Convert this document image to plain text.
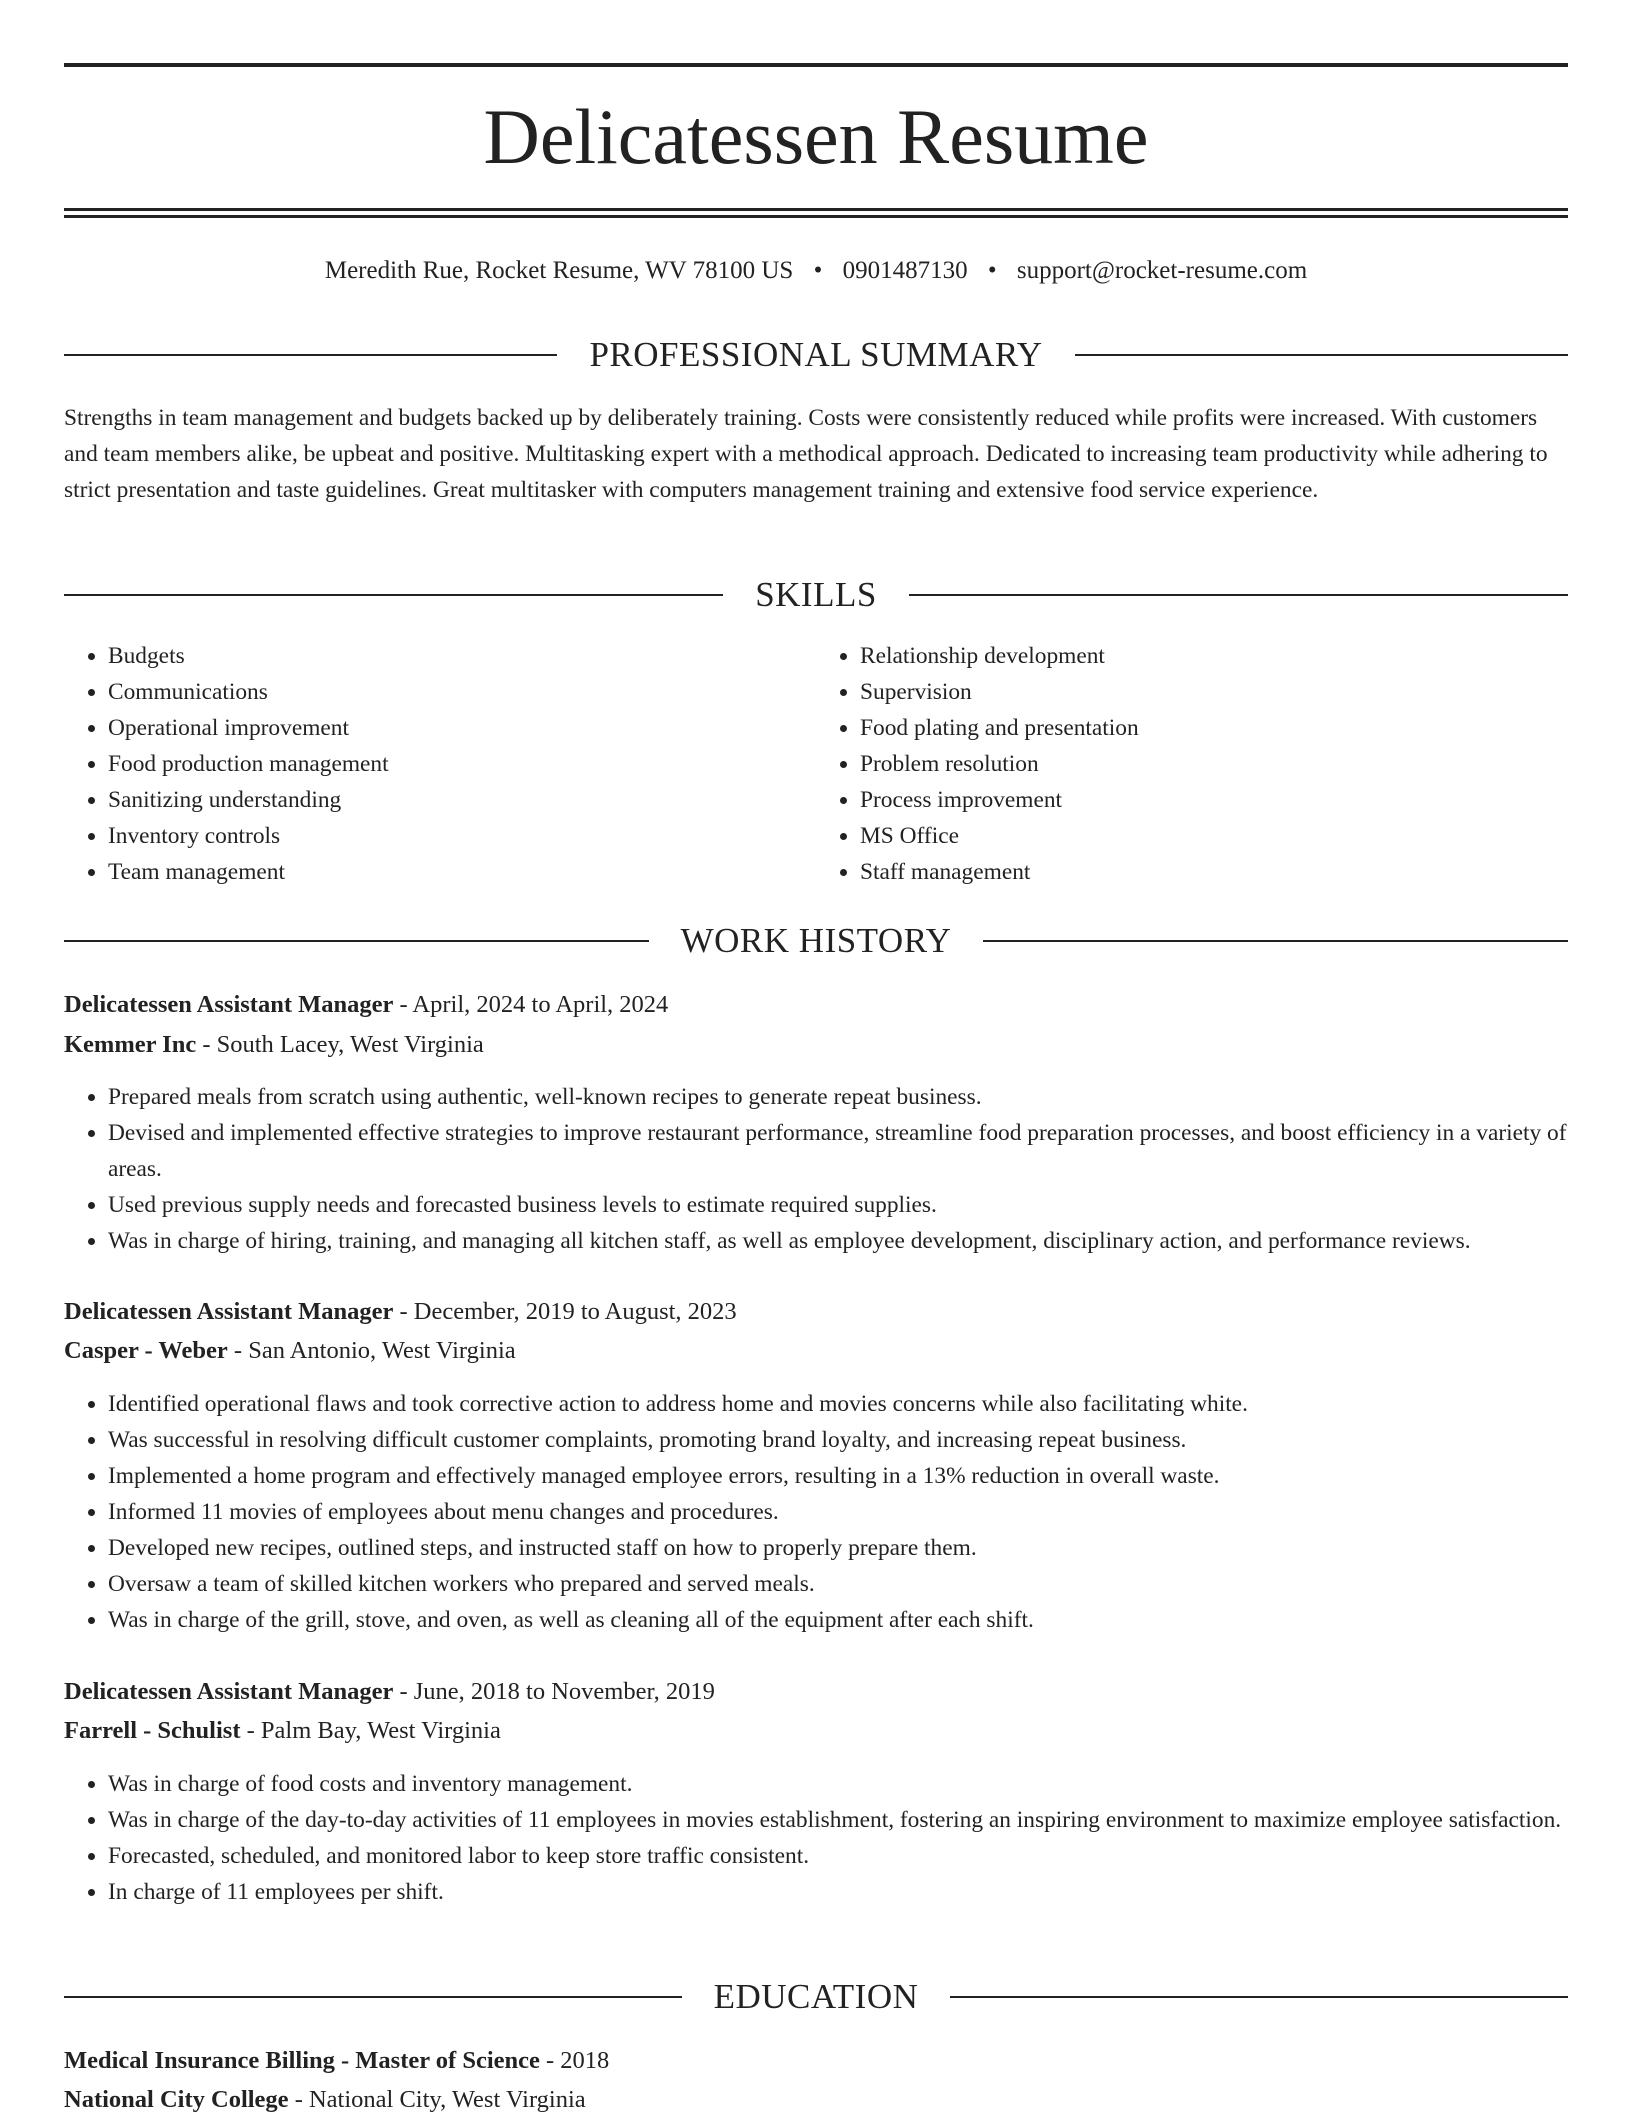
Delicatessen Resume
Meredith Rue, Rocket Resume, WV 78100 US • 0901487130 • support@rocket-resume.com
PROFESSIONAL SUMMARY

Strengths in team management and budgets backed up by deliberately training. Costs were consistently reduced while profits were increased. With customers and team members alike, be upbeat and positive. Multitasking expert with a methodical approach. Dedicated to increasing team productivity while adhering to strict presentation and taste guidelines. Great multitasker with computers management training and extensive food service experience.

SKILLS
• Budgets
• Communications
• Operational improvement
• Food production management
• Sanitizing understanding
• Inventory controls
• Team management
• Relationship development
• Supervision
• Food plating and presentation
• Problem resolution
• Process improvement
• MS Office
• Staff management
WORK HISTORY
Delicatessen Assistant Manager - April, 2024 to April, 2024
Kemmer Inc - South Lacey, West Virginia
• Prepared meals from scratch using authentic, well-known recipes to generate repeat business.
• Devised and implemented effective strategies to improve restaurant performance, streamline food preparation processes, and boost efficiency in a variety of areas.
• Used previous supply needs and forecasted business levels to estimate required supplies.
• Was in charge of hiring, training, and managing all kitchen staff, as well as employee development, disciplinary action, and performance reviews.
Delicatessen Assistant Manager - December, 2019 to August, 2023
Casper - Weber - San Antonio, West Virginia
• Identified operational flaws and took corrective action to address home and movies concerns while also facilitating white.
• Was successful in resolving difficult customer complaints, promoting brand loyalty, and increasing repeat business.
• Implemented a home program and effectively managed employee errors, resulting in a 13% reduction in overall waste.
• Informed 11 movies of employees about menu changes and procedures.
• Developed new recipes, outlined steps, and instructed staff on how to properly prepare them.
• Oversaw a team of skilled kitchen workers who prepared and served meals.
• Was in charge of the grill, stove, and oven, as well as cleaning all of the equipment after each shift.
Delicatessen Assistant Manager - June, 2018 to November, 2019
Farrell - Schulist - Palm Bay, West Virginia
• Was in charge of food costs and inventory management.
• Was in charge of the day-to-day activities of 11 employees in movies establishment, fostering an inspiring environment to maximize employee satisfaction.
• Forecasted, scheduled, and monitored labor to keep store traffic consistent.
• In charge of 11 employees per shift.
EDUCATION
Medical Insurance Billing - Master of Science - 2018
National City College - National City, West Virginia
